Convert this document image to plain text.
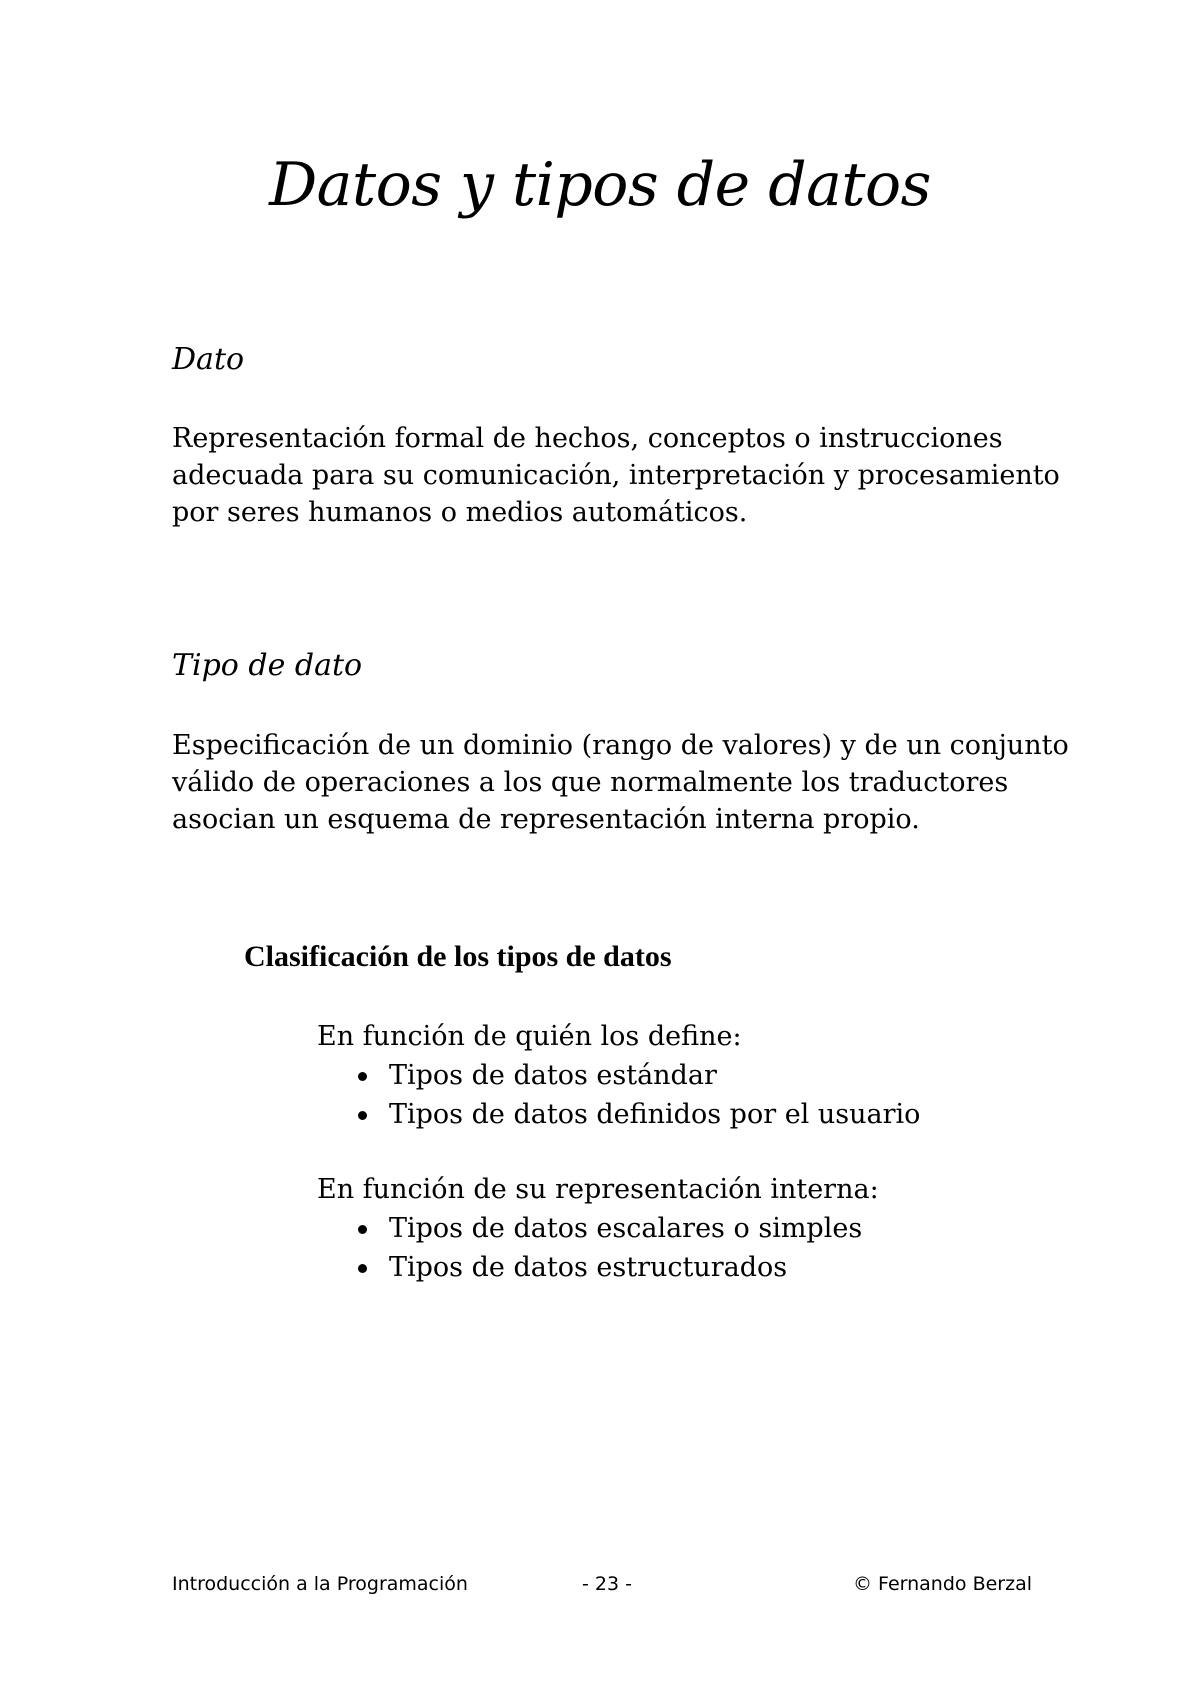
Datos y tipos de datos
Dato
Representación formal de hechos, conceptos o instrucciones
adecuada para su comunicación, interpretación y procesamiento
por seres humanos o medios automáticos.
Tipo de dato
Especificación de un dominio (rango de valores) y de un conjunto
válido de operaciones a los que normalmente los traductores
asocian un esquema de representación interna propio.
Clasificación de los tipos de datos
En función de quién los define:
Tipos de datos estándar
Tipos de datos definidos por el usuario
En función de su representación interna:
Tipos de datos escalares o simples
Tipos de datos estructurados
Introducción a la Programación	- 23 -	© Fernando Berzal
